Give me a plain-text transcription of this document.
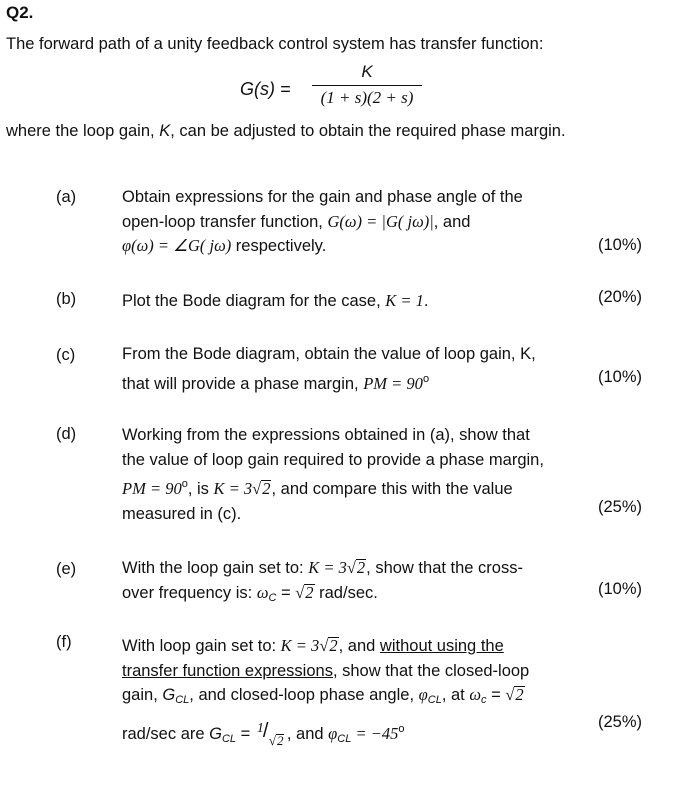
Q2.
The forward path of a unity feedback control system has transfer function:
G(s) =
K
(1 + s)(2 + s)
where the loop gain, K, can be adjusted to obtain the required phase margin.
(a)	Obtain expressions for the gain and phase angle of the
open-loop transfer function, G(ω) = |G( jω)|, and
φ(ω) = ∠G( jω) respectively.	(10%)
(b)	Plot the Bode diagram for the case, K = 1.	(20%)
(c)	From the Bode diagram, obtain the value of loop gain, K,
that will provide a phase margin, PM = $90^o$	(10%)
(d)	Working from the expressions obtained in (a), show that
the value of loop gain required to provide a phase margin,
PM = $90^o$, is K = 3√2, and compare this with the value
measured in (c).	(25%)
(e)	With the loop gain set to: K = 3√2, show that the cross-
over frequency is: $\omega_C = √2$ rad/sec.	(10%)
(f)	With loop gain set to: K = 3√2, and without using the
transfer function expressions, show that the closed-loop
gain, $G_{CL}$, and closed-loop phase angle, $\varphi_{CL}$, at $\omega_c = √2$
rad/sec are $G_{CL} = 1 / √2$ , and $\varphi_{CL} = -45^o$	(25%)
